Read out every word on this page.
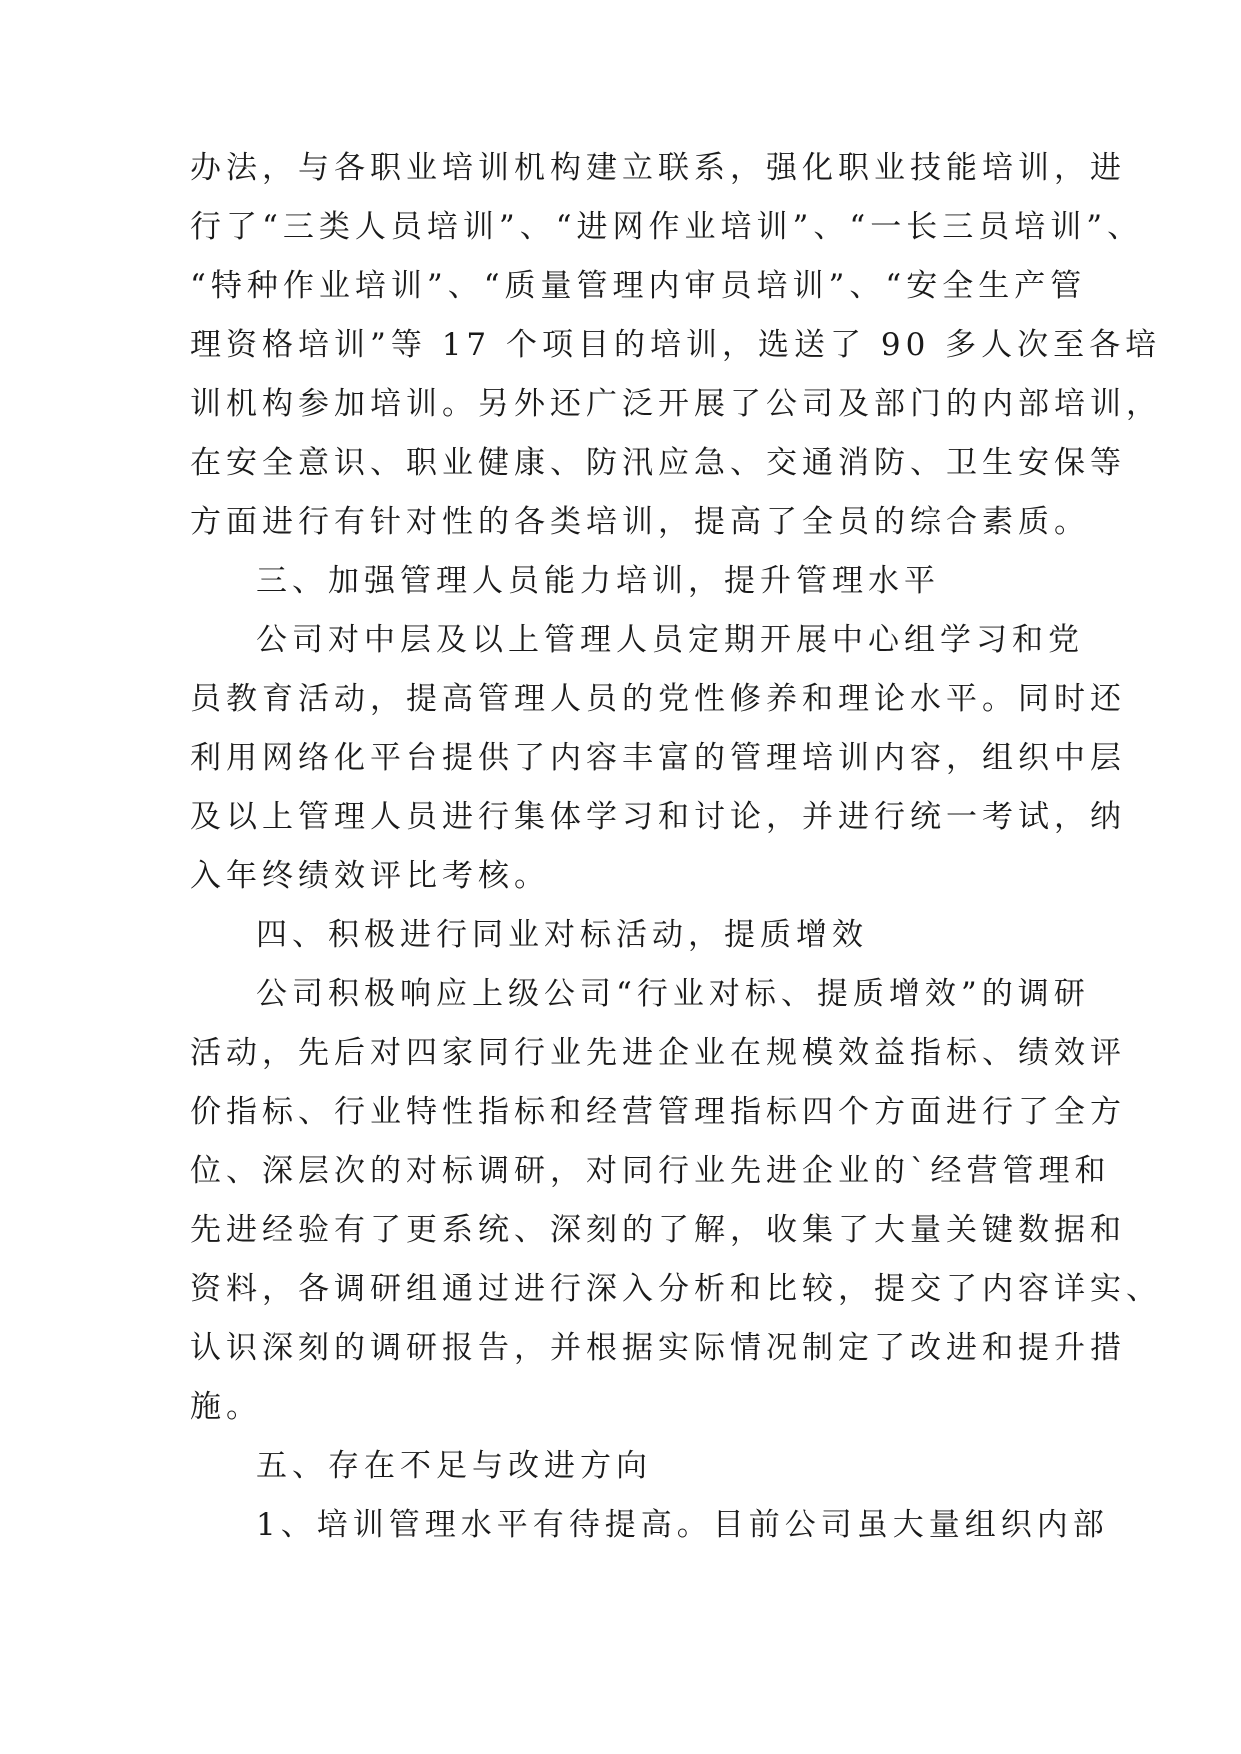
办法，与各职业培训机构建立联系，强化职业技能培训，进
行了“三类人员培训”、“进网作业培训”、“一长三员培训”、
“特种作业培训”、“质量管理内审员培训”、“安全生产管
理资格培训”等 17 个项目的培训，选送了 90 多人次至各培
训机构参加培训。另外还广泛开展了公司及部门的内部培训，
在安全意识、职业健康、防汛应急、交通消防、卫生安保等
方面进行有针对性的各类培训，提高了全员的综合素质。
三、加强管理人员能力培训，提升管理水平
公司对中层及以上管理人员定期开展中心组学习和党
员教育活动，提高管理人员的党性修养和理论水平。同时还
利用网络化平台提供了内容丰富的管理培训内容，组织中层
及以上管理人员进行集体学习和讨论，并进行统一考试，纳
入年终绩效评比考核。
四、积极进行同业对标活动，提质增效
公司积极响应上级公司“行业对标、提质增效”的调研
活动，先后对四家同行业先进企业在规模效益指标、绩效评
价指标、行业特性指标和经营管理指标四个方面进行了全方
位、深层次的对标调研，对同行业先进企业的`经营管理和
先进经验有了更系统、深刻的了解，收集了大量关键数据和
资料，各调研组通过进行深入分析和比较，提交了内容详实、
认识深刻的调研报告，并根据实际情况制定了改进和提升措
施。
五、存在不足与改进方向
1、培训管理水平有待提高。目前公司虽大量组织内部
